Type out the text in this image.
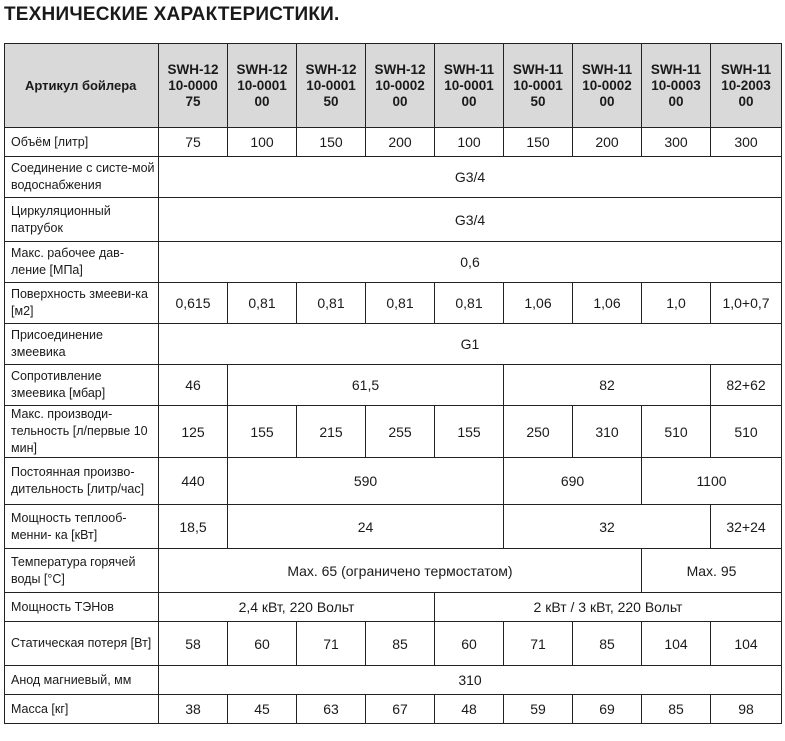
ТЕХНИЧЕСКИЕ ХАРАКТЕРИСТИКИ.
Артикул бойлера	SWH-1210-000075	SWH-1210-000100	SWH-1210-000150	SWH-1210-000200	SWH-1110-000100	SWH-1110-000150	SWH-1110-000200	SWH-1110-000300	SWH-1110-200300
Объём [литр]	75	100	150	200	100	150	200	300	300
Соединение с систе-мой водоснабжения	G3/4								
Циркуляционный патрубок	G3/4								
Макс. рабочее дав-ление [МПа]	0,6								
Поверхность змееви-ка [м2]	0,615	0,81	0,81	0,81	0,81	1,06	1,06	1,0	1,0+0,7
Присоединение змеевика	G1								
Сопротивление змеевика [мбар]	46	61,5				82			82+62
Макс. производи-тельность [л/первые 10 мин]	125	155	215	255	155	250	310	510	510
Постоянная произво-дительность [литр/час]	440	590				690		1100	
Мощность теплооб-менни- ка [кВт]	18,5	24				32			32+24
Температура горячей воды [°С]	Max. 65 (ограничено термостатом)							Max. 95	
Мощность ТЭНов	2,4 кВт, 220 Вольт				2 кВт / 3 кВт, 220 Вольт				
Статическая потеря [Вт]	58	60	71	85	60	71	85	104	104
Анод магниевый, мм	310								
Масса [кг]	38	45	63	67	48	59	69	85	98
